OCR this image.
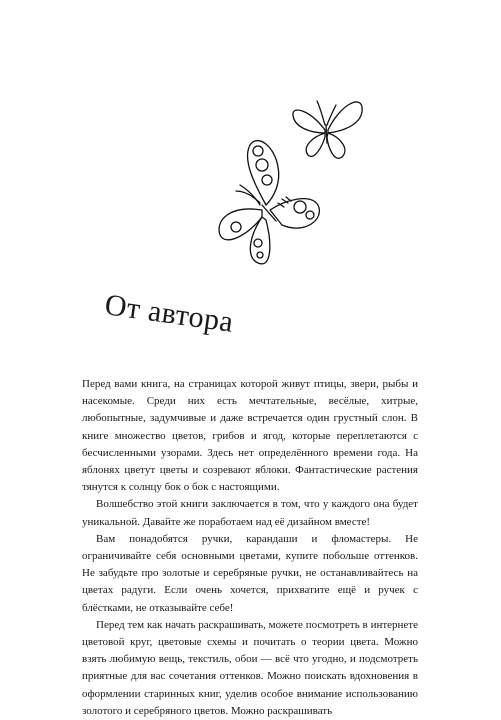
От автора

Перед вами книга, на страницах которой живут птицы, звери, рыбы и насекомые. Среди них есть мечтательные, весёлые, хитрые, любопытные, задумчивые и даже встречается один грустный слон. В книге множество цветов, грибов и ягод, которые переплетаются с бесчисленными узорами. Здесь нет определённого времени года. На яблонях цветут цветы и созревают яблоки. Фантастические растения тянутся к солнцу бок о бок с настоящими.

Волшебство этой книги заключается в том, что у каждого она будет уникальной. Давайте же поработаем над её дизайном вместе!

Вам понадобятся ручки, карандаши и фломастеры. Не ограничивайте себя основными цветами, купите побольше оттенков. Не забудьте про золотые и серебряные ручки, не останавливайтесь на цветах радуги. Если очень хочется, прихватите ещё и ручек с блёстками, не отказывайте себе!

Перед тем как начать раскрашивать, можете посмотреть в интернете цветовой круг, цветовые схемы и почитать о теории цвета. Можно взять любимую вещь, текстиль, обои — всё что угодно, и подсмотреть приятные для вас сочетания оттенков. Можно поискать вдохновения в оформлении старинных книг, уделив особое внимание использованию золотого и серебряного цветов. Можно раскрашивать
